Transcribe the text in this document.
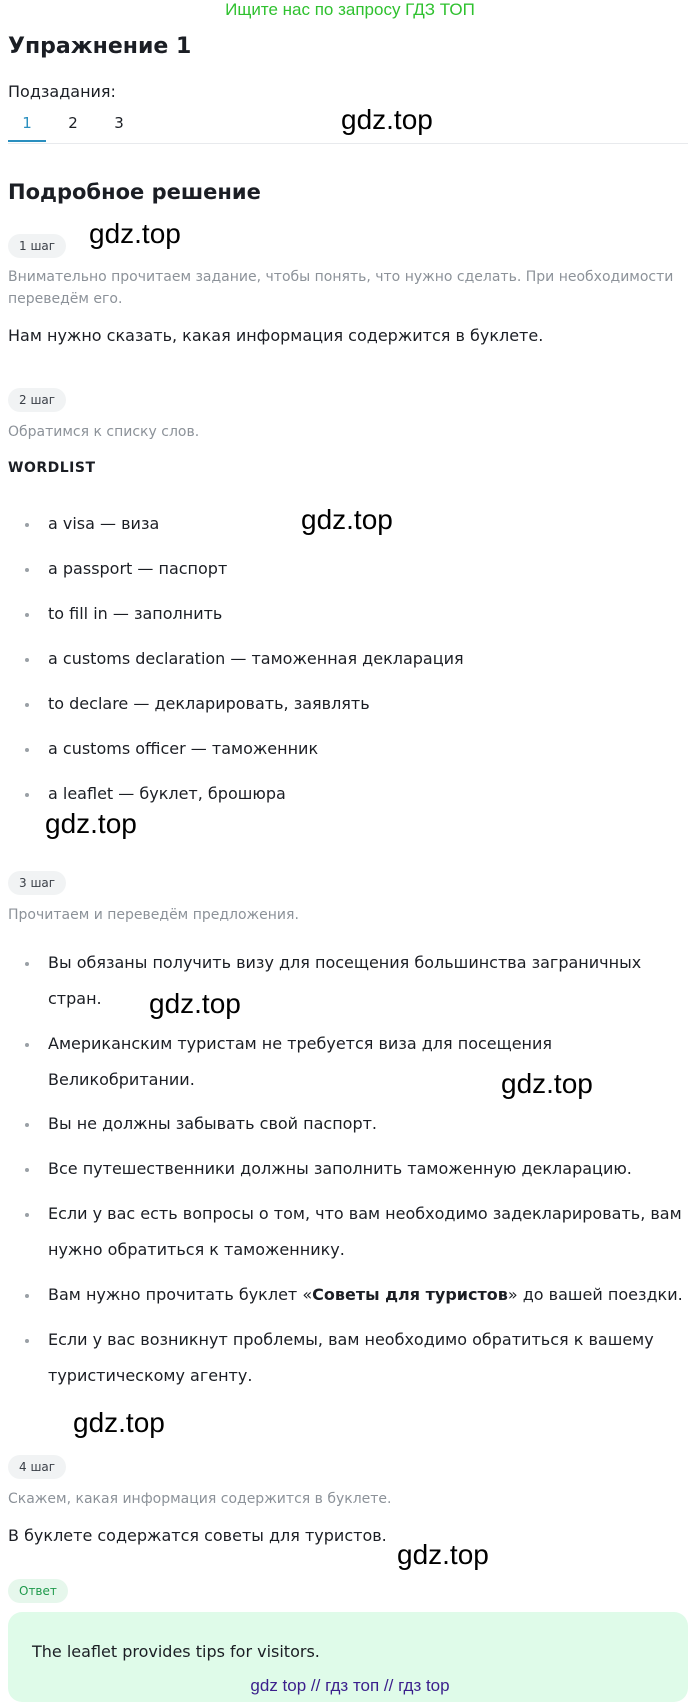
Ищите нас по запросу ГДЗ ТОП
Упражнение 1
Подзадания:
1	2	3
Подробное решение
1 шаг
Внимательно прочитаем задание, чтобы понять, что нужно сделать. При необходимости переведём его.
Нам нужно сказать, какая информация содержится в буклете.
2 шаг
Обратимся к списку слов.
WORDLIST
a visa — виза
a passport — паспорт
to fill in — заполнить
a customs declaration — таможенная декларация
to declare — декларировать, заявлять
a customs officer — таможенник
a leaflet — буклет, брошюра
3 шаг
Прочитаем и переведём предложения.
Вы обязаны получить визу для посещения большинства заграничных стран.
Американским туристам не требуется виза для посещения Великобритании.
Вы не должны забывать свой паспорт.
Все путешественники должны заполнить таможенную декларацию.
Если у вас есть вопросы о том, что вам необходимо задекларировать, вам нужно обратиться к таможеннику.
Вам нужно прочитать буклет «Советы для туристов» до вашей поездки.
Если у вас возникнут проблемы, вам необходимо обратиться к вашему туристическому агенту.
4 шаг
Скажем, какая информация содержится в буклете.
В буклете содержатся советы для туристов.
Ответ
The leaflet provides tips for visitors.
gdz.top
gdz.top
gdz.top
gdz.top
gdz.top
gdz.top
gdz.top
gdz.top
gdz top // гдз топ // гдз top
